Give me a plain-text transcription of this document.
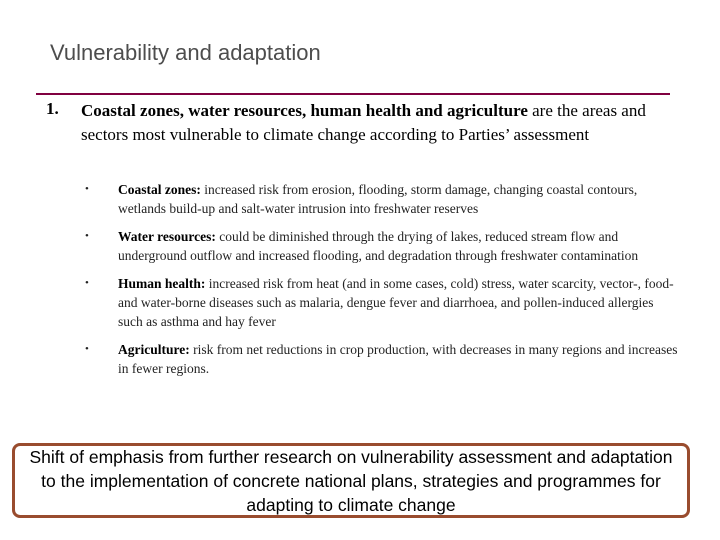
Vulnerability and adaptation
1. Coastal zones, water resources, human health and agriculture are the areas and sectors most vulnerable to climate change according to Parties’ assessment
• Coastal zones: increased risk from erosion, flooding, storm damage, changing coastal contours, wetlands build-up and salt-water intrusion into freshwater reserves
• Water resources: could be diminished through the drying of lakes, reduced stream flow and underground outflow and increased flooding, and degradation through freshwater contamination
• Human health: increased risk from heat (and in some cases, cold) stress, water scarcity, vector-, food- and water-borne diseases such as malaria, dengue fever and diarrhoea, and pollen-induced allergies such as asthma and hay fever
• Agriculture: risk from net reductions in crop production, with decreases in many regions and increases in fewer regions.
Shift of emphasis from further research on vulnerability assessment and adaptation to the implementation of concrete national plans, strategies and programmes for adapting to climate change
